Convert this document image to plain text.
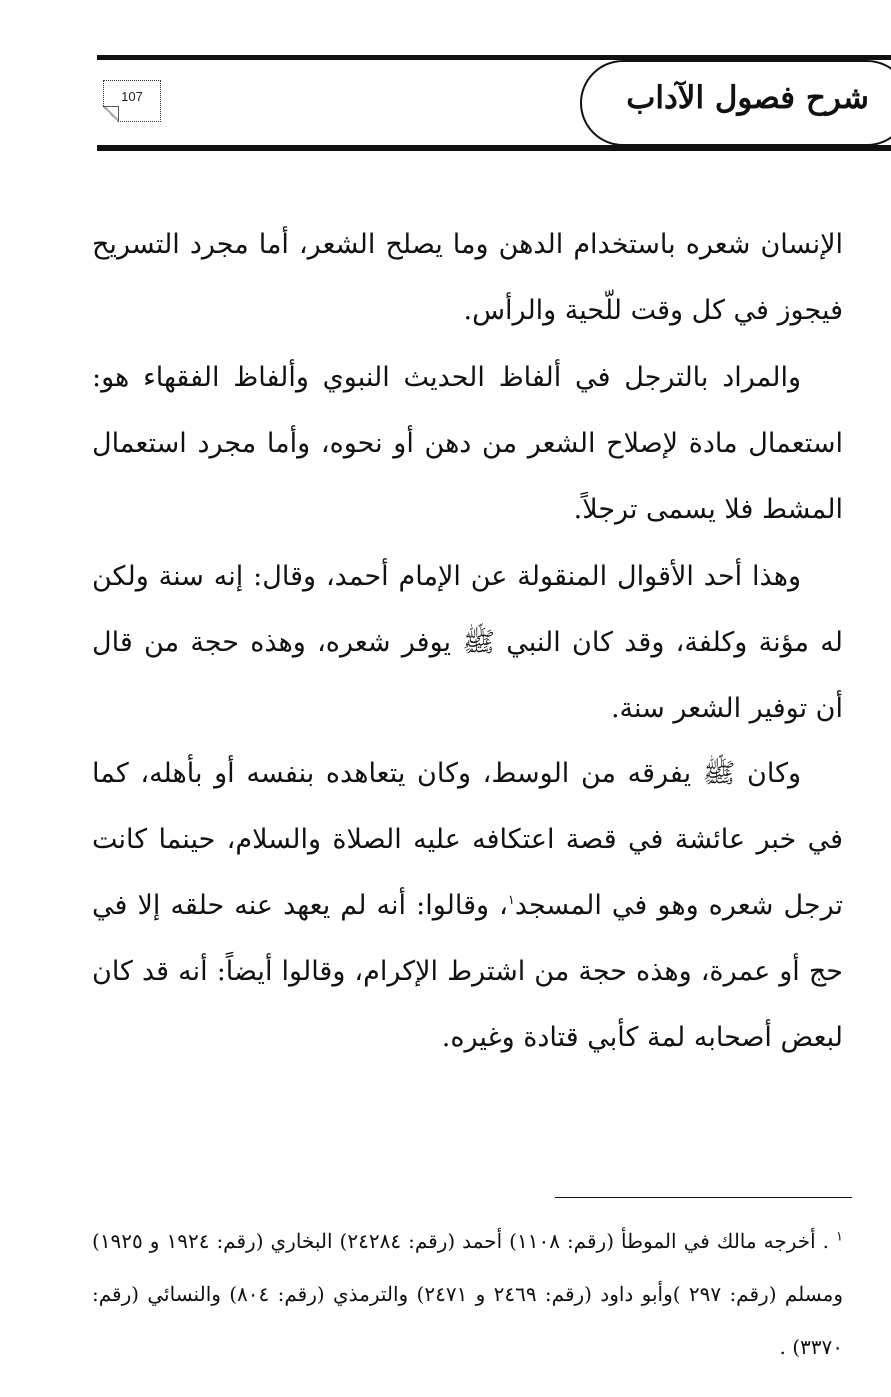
شرح فصول الآداب
107

الإنسان شعره باستخدام الدهن وما يصلح الشعر، أما مجرد التسريح فيجوز في كل وقت للّحية والرأس.

والمراد بالترجل في ألفاظ الحديث النبوي وألفاظ الفقهاء هو: استعمال مادة لإصلاح الشعر من دهن أو نحوه، وأما مجرد استعمال المشط فلا يسمى ترجلاً.

وهذا أحد الأقوال المنقولة عن الإمام أحمد، وقال: إنه سنة ولكن له مؤنة وكلفة، وقد كان النبي ﷺ يوفر شعره، وهذه حجة من قال أن توفير الشعر سنة.

وكان ﷺ يفرقه من الوسط، وكان يتعاهده بنفسه أو بأهله، كما في خبر عائشة في قصة اعتكافه عليه الصلاة والسلام، حينما كانت ترجل شعره وهو في المسجد$^١$، وقالوا: أنه لم يعهد عنه حلقه إلا في حج أو عمرة، وهذه حجة من اشترط الإكرام، وقالوا أيضاً: أنه قد كان لبعض أصحابه لمة كأبي قتادة وغيره.

$^١$ . أخرجه مالك في الموطأ (رقم: ١١٠٨) أحمد (رقم: ٢٤٢٨٤) البخاري (رقم: ١٩٢٤ و ١٩٢٥) ومسلم (رقم: ٢٩٧ )وأبو داود (رقم: ٢٤٦٩ و ٢٤٧١) والترمذي (رقم: ٨٠٤) والنسائي (رقم: ٣٣٧٠) .
